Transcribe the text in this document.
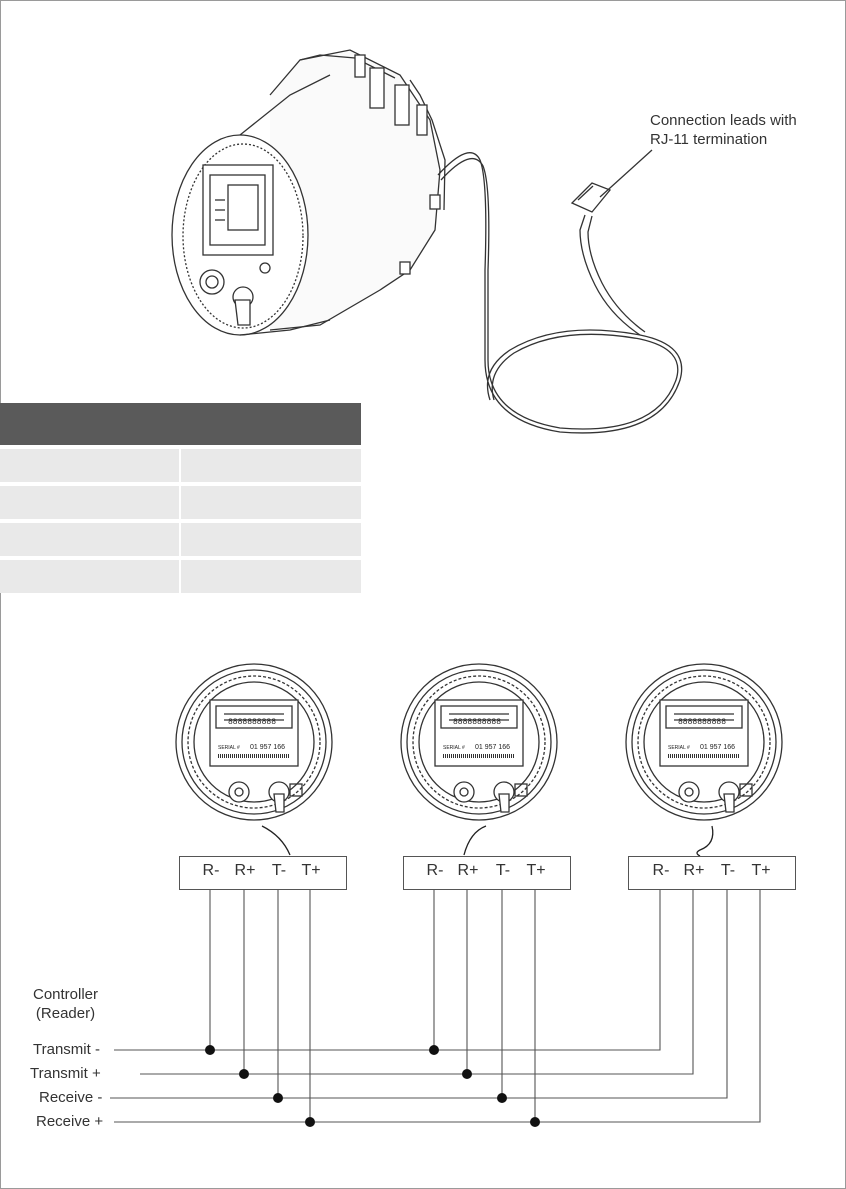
01 957 166	01 957 166	01 957 166
SERIAL #	SERIAL #	SERIAL #
8888888888	8888888888	8888888888
Connection leads with
RJ-11 termination
R- R+	T- T+	R- R+	T-	T+	R- R+	T-	T+
Controller
(Reader)
Transmit -
Transmit +
Receive -
Receive +
